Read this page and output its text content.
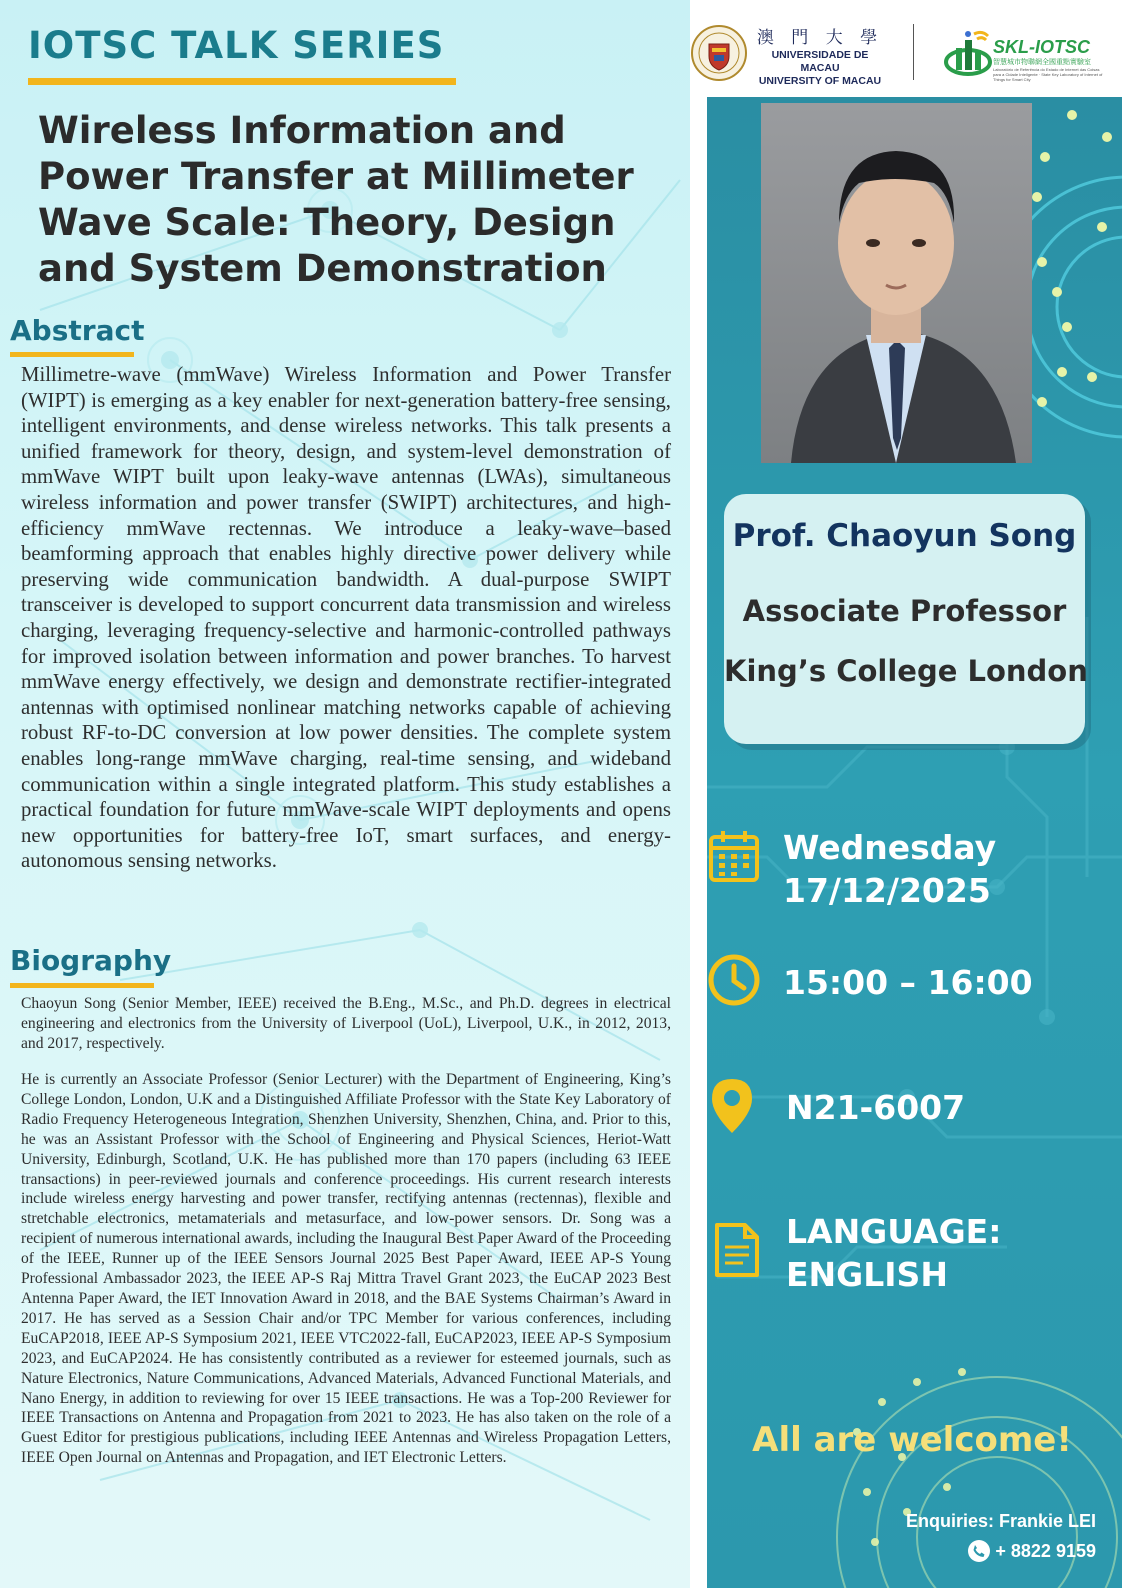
IOTSC TALK SERIES
Wireless Information and Power Transfer at Millimeter Wave Scale: Theory, Design and System Demonstration
Abstract

Millimetre-wave (mmWave) Wireless Information and Power Transfer (WIPT) is emerging as a key enabler for next-generation battery-free sensing, intelligent environments, and dense wireless networks. This talk presents a unified framework for theory, design, and system-level demonstration of mmWave WIPT built upon leaky-wave antennas (LWAs), simultaneous wireless information and power transfer (SWIPT) architectures, and high-efficiency mmWave rectennas. We introduce a leaky-wave–based beamforming approach that enables highly directive power delivery while preserving wide communication bandwidth. A dual-purpose SWIPT transceiver is developed to support concurrent data transmission and wireless charging, leveraging frequency-selective and harmonic-controlled pathways for improved isolation between information and power branches. To harvest mmWave energy effectively, we design and demonstrate rectifier-integrated antennas with optimised nonlinear matching networks capable of achieving robust RF-to-DC conversion at low power densities. The complete system enables long-range mmWave charging, real-time sensing, and wideband communication within a single integrated platform. This study establishes a practical foundation for future mmWave-scale WIPT deployments and opens new opportunities for battery-free IoT, smart surfaces, and energy-autonomous sensing networks.

Biography

Chaoyun Song (Senior Member, IEEE) received the B.Eng., M.Sc., and Ph.D. degrees in electrical engineering and electronics from the University of Liverpool (UoL), Liverpool, U.K., in 2012, 2013, and 2017, respectively.

He is currently an Associate Professor (Senior Lecturer) with the Department of Engineering, King’s College London, London, U.K and a Distinguished Affiliate Professor with the State Key Laboratory of Radio Frequency Heterogeneous Integration, Shenzhen University, Shenzhen, China, and. Prior to this, he was an Assistant Professor with the School of Engineering and Physical Sciences, Heriot-Watt University, Edinburgh, Scotland, U.K. He has published more than 170 papers (including 63 IEEE transactions) in peer-reviewed journals and conference proceedings. His current research interests include wireless energy harvesting and power transfer, rectifying antennas (rectennas), flexible and stretchable electronics, metamaterials and metasurface, and low-power sensors. Dr. Song was a recipient of numerous international awards, including the Inaugural Best Paper Award of the Proceeding of the IEEE, Runner up of the IEEE Sensors Journal 2025 Best Paper Award, IEEE AP-S Young Professional Ambassador 2023, the IEEE AP-S Raj Mittra Travel Grant 2023, the EuCAP 2023 Best Antenna Paper Award, the IET Innovation Award in 2018, and the BAE Systems Chairman’s Award in 2017. He has served as a Session Chair and/or TPC Member for various conferences, including EuCAP2018, IEEE AP-S Symposium 2021, IEEE VTC2022-fall, EuCAP2023, IEEE AP-S Symposium 2023, and EuCAP2024. He has consistently contributed as a reviewer for esteemed journals, such as Nature Electronics, Nature Communications, Advanced Materials, Advanced Functional Materials, and Nano Energy, in addition to reviewing for over 15 IEEE transactions. He was a Top-200 Reviewer for IEEE Transactions on Antenna and Propagation from 2021 to 2023. He has also taken on the role of a Guest Editor for prestigious publications, including IEEE Antennas and Wireless Propagation Letters, IEEE Open Journal on Antennas and Propagation, and IET Electronic Letters.

澳 門 大 學
UNIVERSIDADE DE MACAU
UNIVERSITY OF MACAU
SKL-IOTSC
智慧城市物聯網全國重點實驗室
Laboratório de Referência do Estado de Internet das Coisas para a Cidade Inteligente · State Key Laboratory of Internet of Things for Smart City
Prof. Chaoyun Song
Associate Professor
King’s College London
Wednesday
17/12/2025
15:00 – 16:00
N21-6007
LANGUAGE:
ENGLISH
All are welcome!
Enquiries: Frankie LEI
+ 8822 9159
